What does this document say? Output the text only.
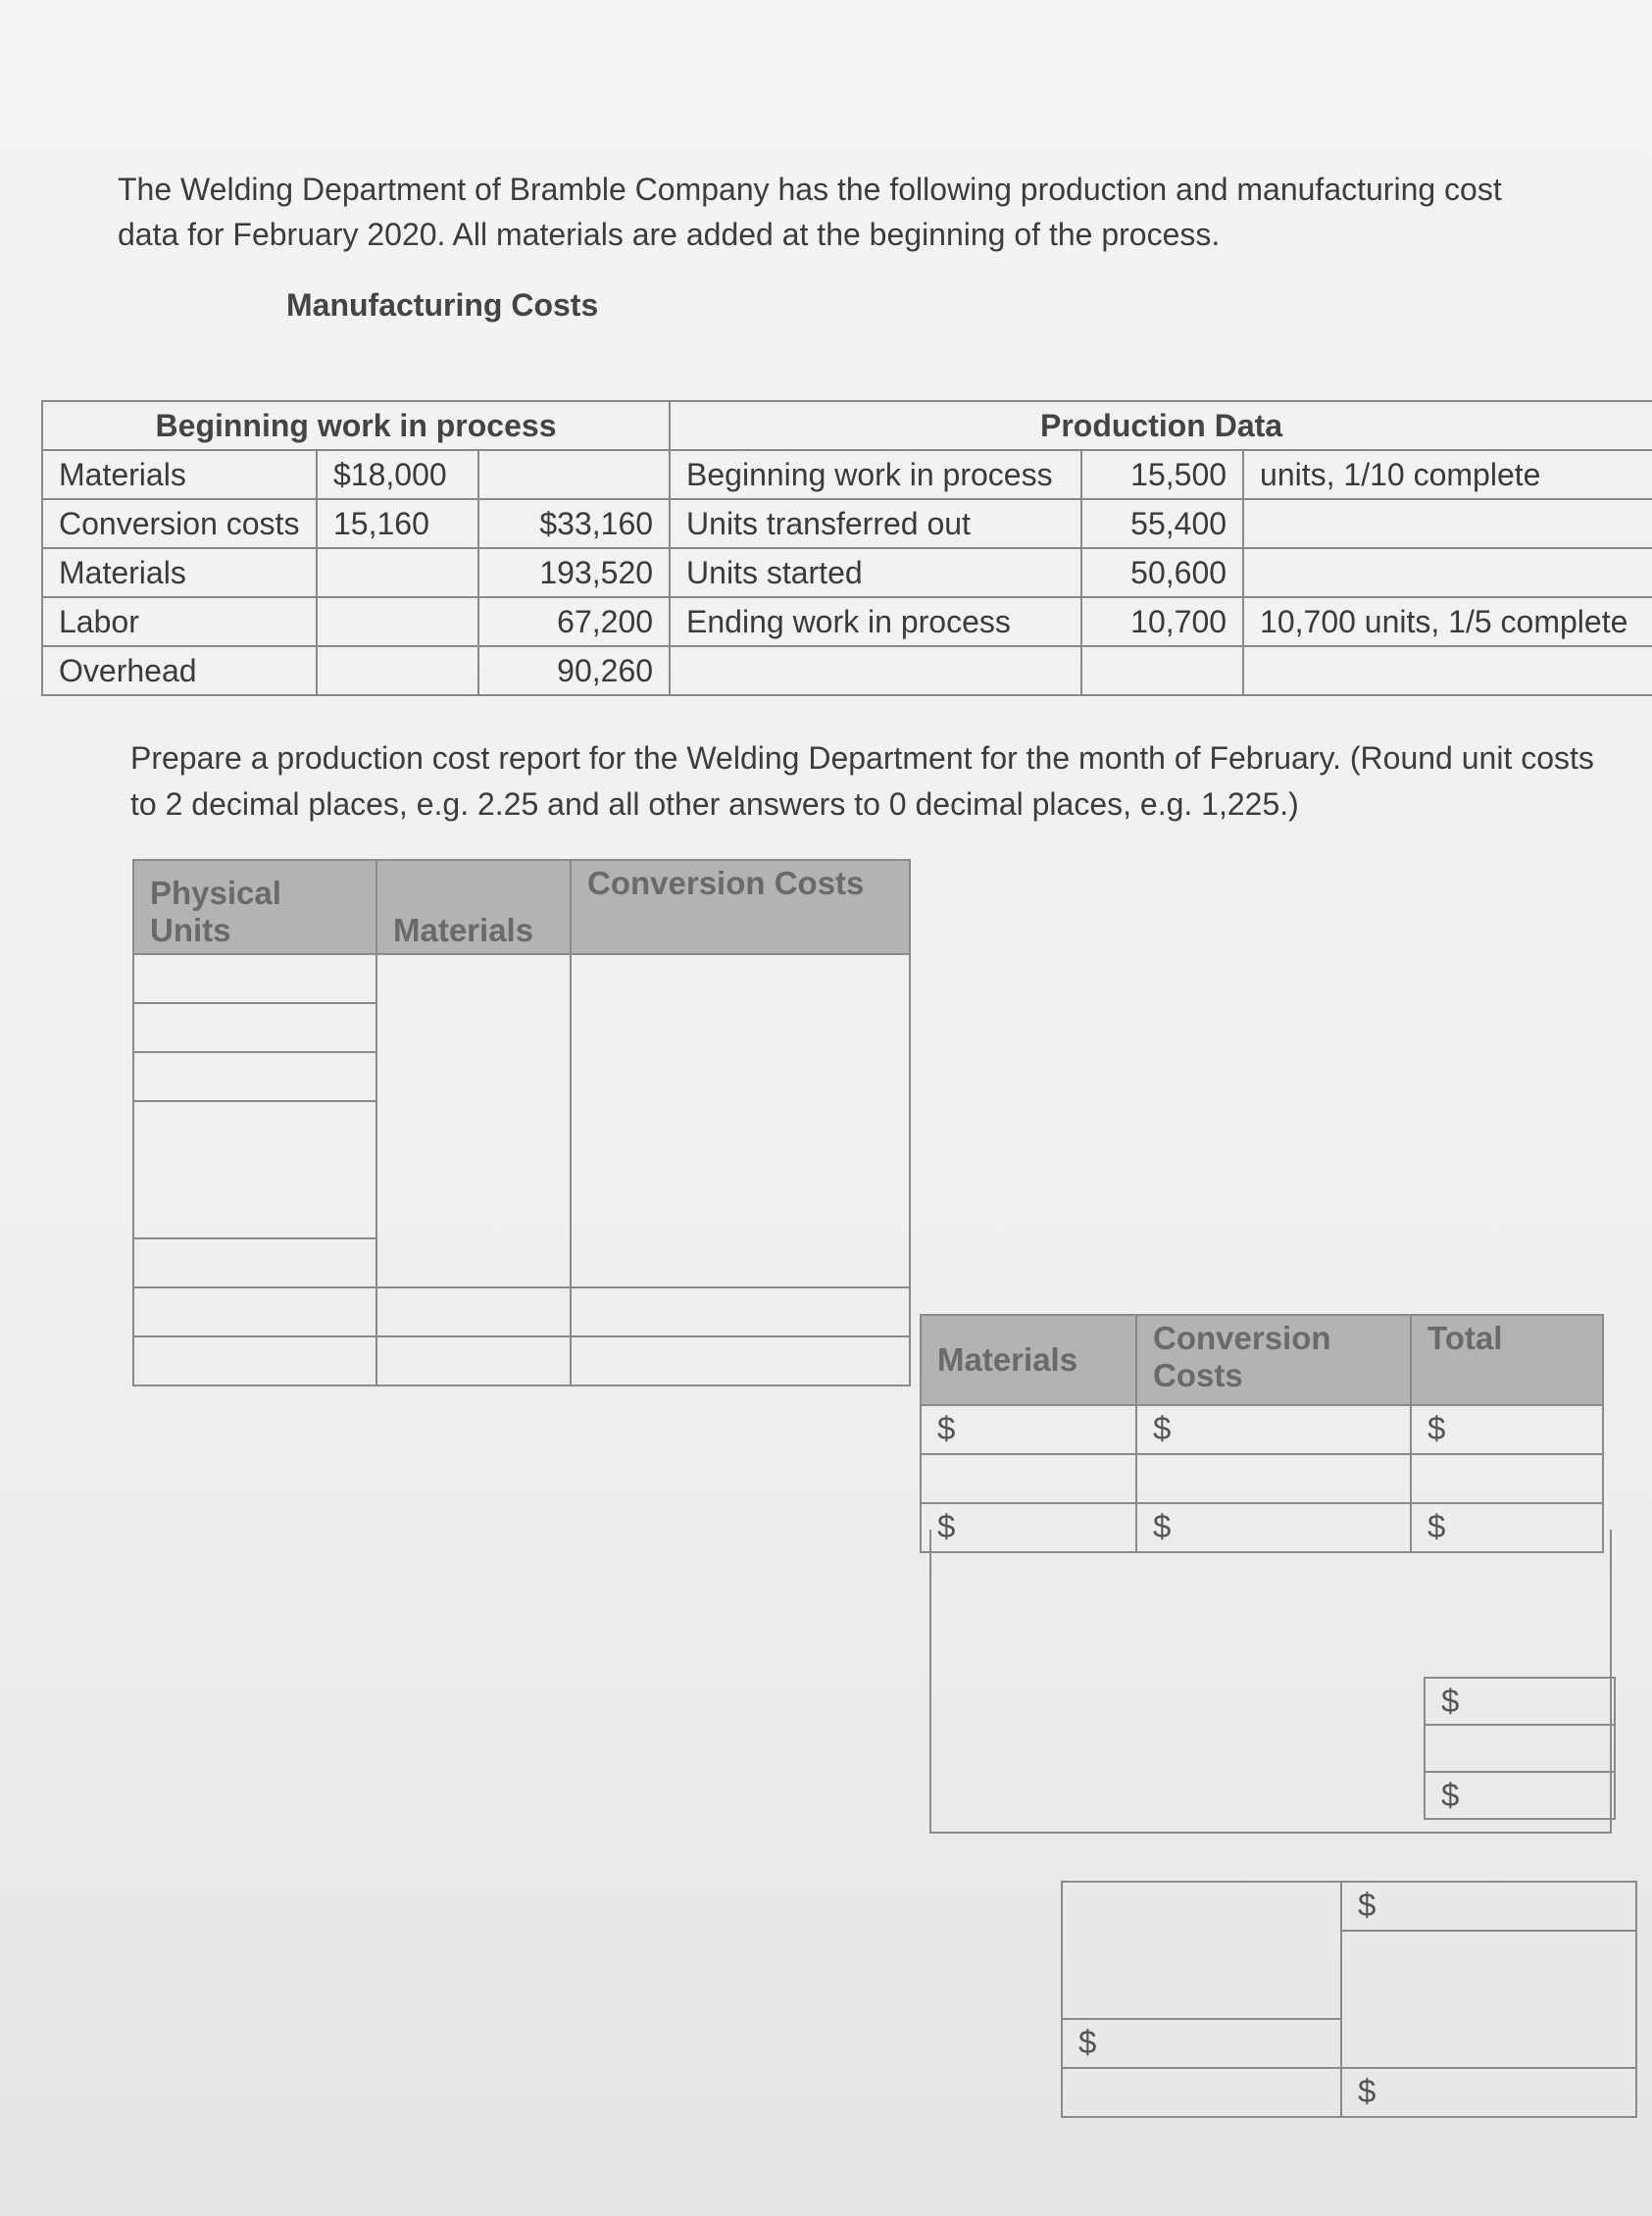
The Welding Department of Bramble Company has the following production and manufacturing cost data for February 2020. All materials are added at the beginning of the process.
Manufacturing Costs
Beginning work in process			Production Data		
Materials	$18,000		Beginning work in process	15,500	units, 1/10 complete
Conversion costs	15,160	$33,160	Units transferred out	55,400	
Materials		193,520	Units started	50,600	
Labor		67,200	Ending work in process	10,700	10,700 units, 1/5 complete
Overhead		90,260			
Prepare a production cost report for the Welding Department for the month of February. (Round unit costs to 2 decimal places, e.g. 2.25 and all other answers to 0 decimal places, e.g. 1,225.)
Physical Units	Materials	Conversion Costs

Materials	Conversion Costs	Total
$	$	$

$	$	$
$

$
	$

$	
	$
